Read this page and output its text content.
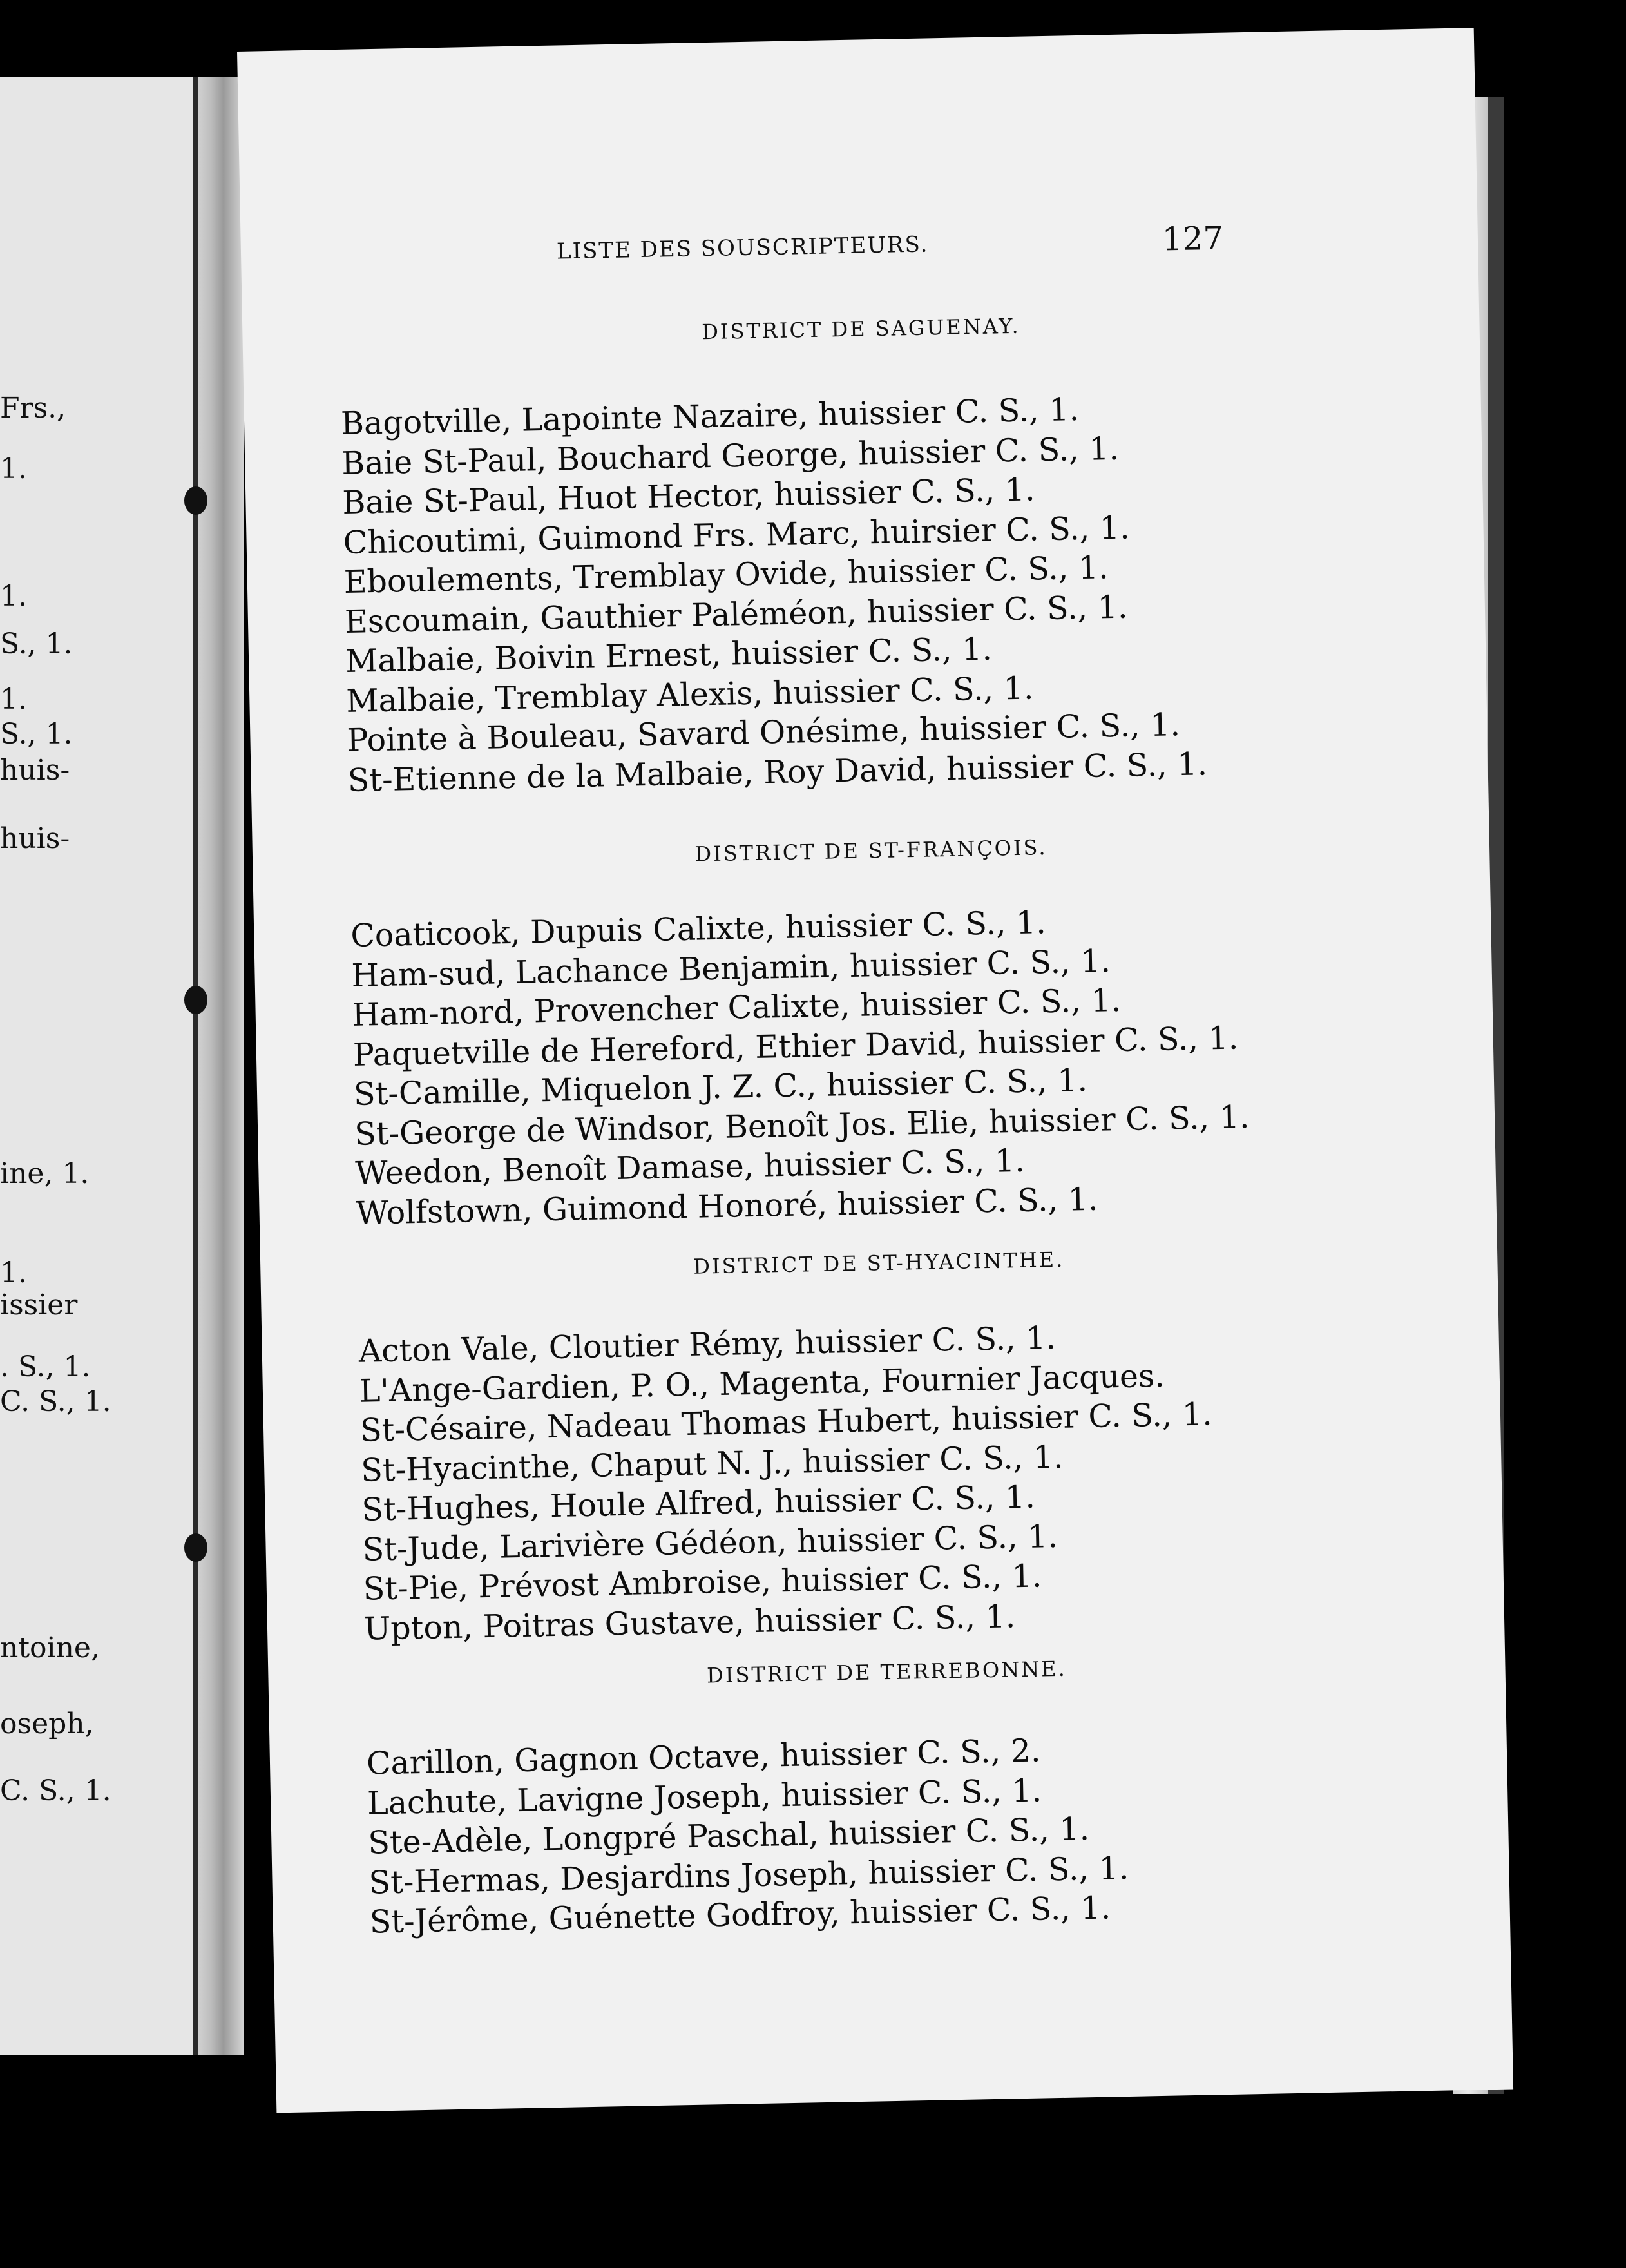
Frs.,
1.
1.
S., 1.
1.
S., 1.
huis-
huis-
ine, 1.
1.
issier
. S., 1.
C. S., 1.
ntoine,
oseph,
C. S., 1.
LISTE DES SOUSCRIPTEURS.	127
DISTRICT DE SAGUENAY.
Bagotville, Lapointe Nazaire, huissier C. S., 1.
Baie St-Paul, Bouchard George, huissier C. S., 1.
Baie St-Paul, Huot Hector, huissier C. S., 1.
Chicoutimi, Guimond Frs. Marc, huirsier C. S., 1.
Eboulements, Tremblay Ovide, huissier C. S., 1.
Escoumain, Gauthier Paléméon, huissier C. S., 1.
Malbaie, Boivin Ernest, huissier C. S., 1.
Malbaie, Tremblay Alexis, huissier C. S., 1.
Pointe à Bouleau, Savard Onésime, huissier C. S., 1.
St-Etienne de la Malbaie, Roy David, huissier C. S., 1.
DISTRICT DE ST-FRANÇOIS.
Coaticook, Dupuis Calixte, huissier C. S., 1.
Ham-sud, Lachance Benjamin, huissier C. S., 1.
Ham-nord, Provencher Calixte, huissier C. S., 1.
Paquetville de Hereford, Ethier David, huissier C. S., 1.
St-Camille, Miquelon J. Z. C., huissier C. S., 1.
St-George de Windsor, Benoît Jos. Elie, huissier C. S., 1.
Weedon, Benoît Damase, huissier C. S., 1.
Wolfstown, Guimond Honoré, huissier C. S., 1.
DISTRICT DE ST-HYACINTHE.
Acton Vale, Cloutier Rémy, huissier C. S., 1.
L'Ange-Gardien, P. O., Magenta, Fournier Jacques.
St-Césaire, Nadeau Thomas Hubert, huissier C. S., 1.
St-Hyacinthe, Chaput N. J., huissier C. S., 1.
St-Hughes, Houle Alfred, huissier C. S., 1.
St-Jude, Larivière Gédéon, huissier C. S., 1.
St-Pie, Prévost Ambroise, huissier C. S., 1.
Upton, Poitras Gustave, huissier C. S., 1.
DISTRICT DE TERREBONNE.
Carillon, Gagnon Octave, huissier C. S., 2.
Lachute, Lavigne Joseph, huissier C. S., 1.
Ste-Adèle, Longpré Paschal, huissier C. S., 1.
St-Hermas, Desjardins Joseph, huissier C. S., 1.
St-Jérôme, Guénette Godfroy, huissier C. S., 1.
